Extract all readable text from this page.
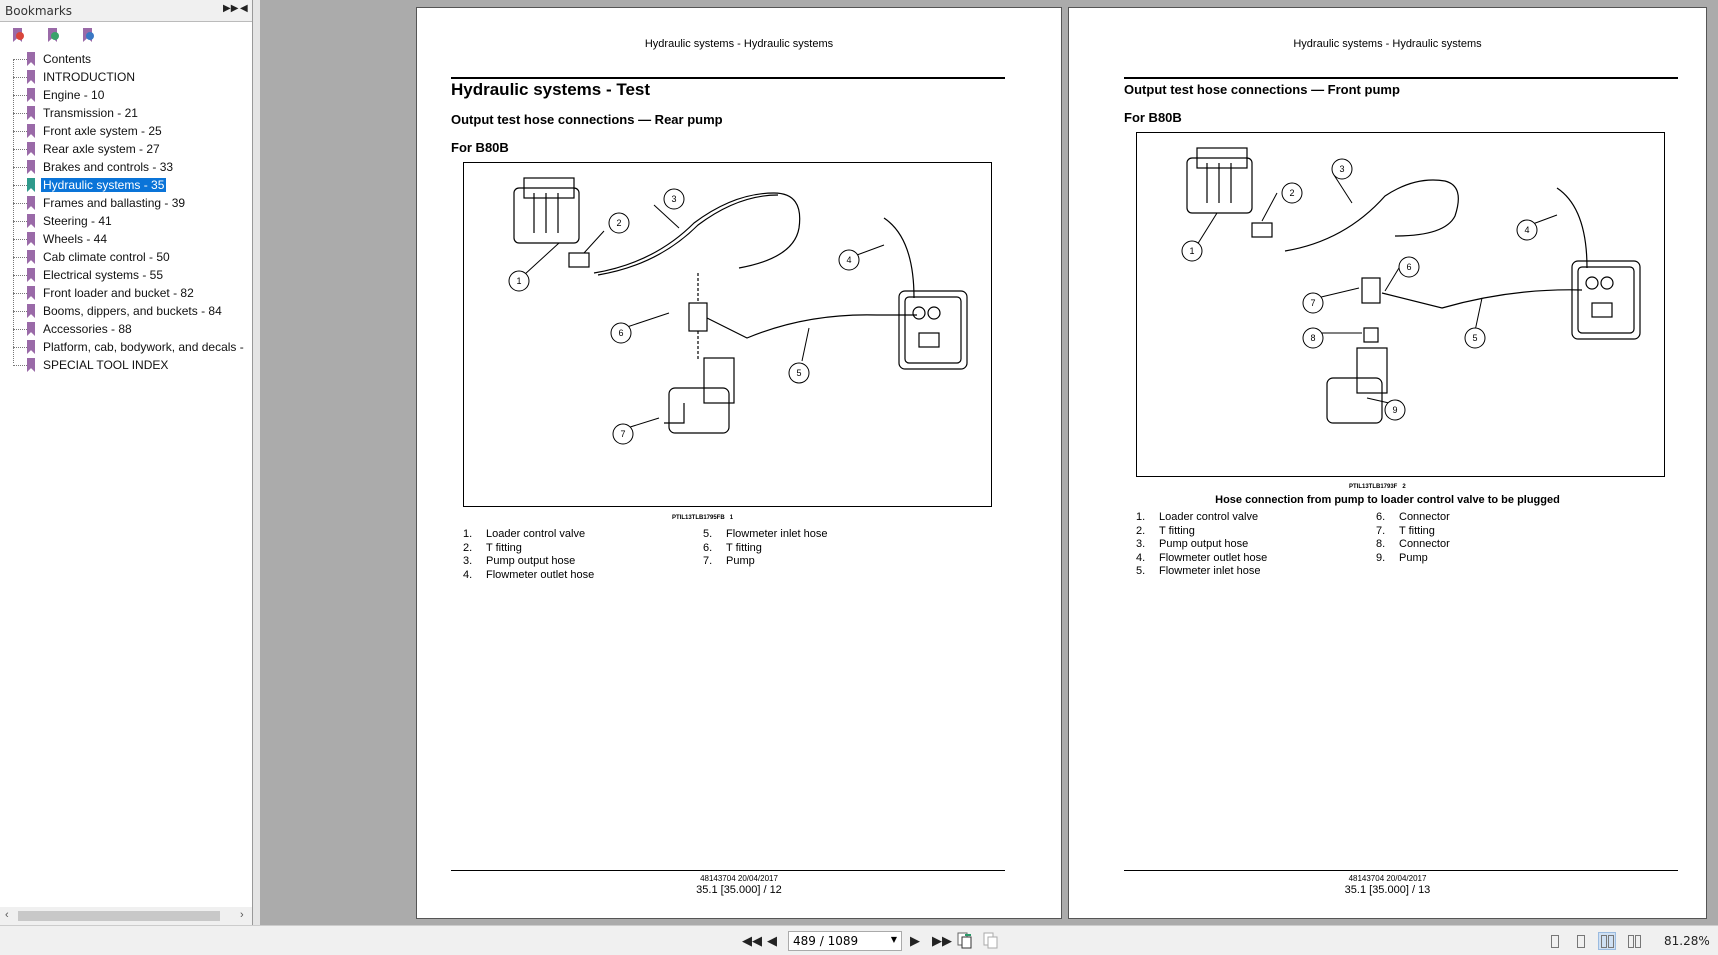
Bookmarks	▶▶ ◀
Contents
INTRODUCTION
Engine - 10
Transmission - 21
Front axle system - 25
Rear axle system - 27
Brakes and controls - 33
Hydraulic systems - 35
Frames and ballasting - 39
Steering - 41
Wheels - 44
Cab climate control - 50
Electrical systems - 55
Front loader and bucket - 82
Booms, dippers, and buckets - 84
Accessories - 88
Platform, cab, bodywork, and decals -
SPECIAL TOOL INDEX
‹	›
Hydraulic systems - Hydraulic systems
Hydraulic systems - Test
Output test hose connections — Rear pump
For B80B
1
2
3
4
5
6
7
PTIL13TLB1795FB 1
1. Loader control valve
2. T fitting
3. Pump output hose
4. Flowmeter outlet hose
5. Flowmeter inlet hose
6. T fitting
7. Pump
48143704 20/04/2017
35.1 [35.000] / 12
Hydraulic systems - Hydraulic systems
Output test hose connections — Front pump
For B80B
1
2
3
4
5
6
7
8
9
PTIL13TLB1793F 2
Hose connection from pump to loader control valve to be plugged
1. Loader control valve
2. T fitting
3. Pump output hose
4. Flowmeter outlet hose
5. Flowmeter inlet hose
6. Connector
7. T fitting
8. Connector
9. Pump
48143704 20/04/2017
35.1 [35.000] / 13
◀◀ ◀	489 / 1089	▼ ▶ ▶▶	81.28%
